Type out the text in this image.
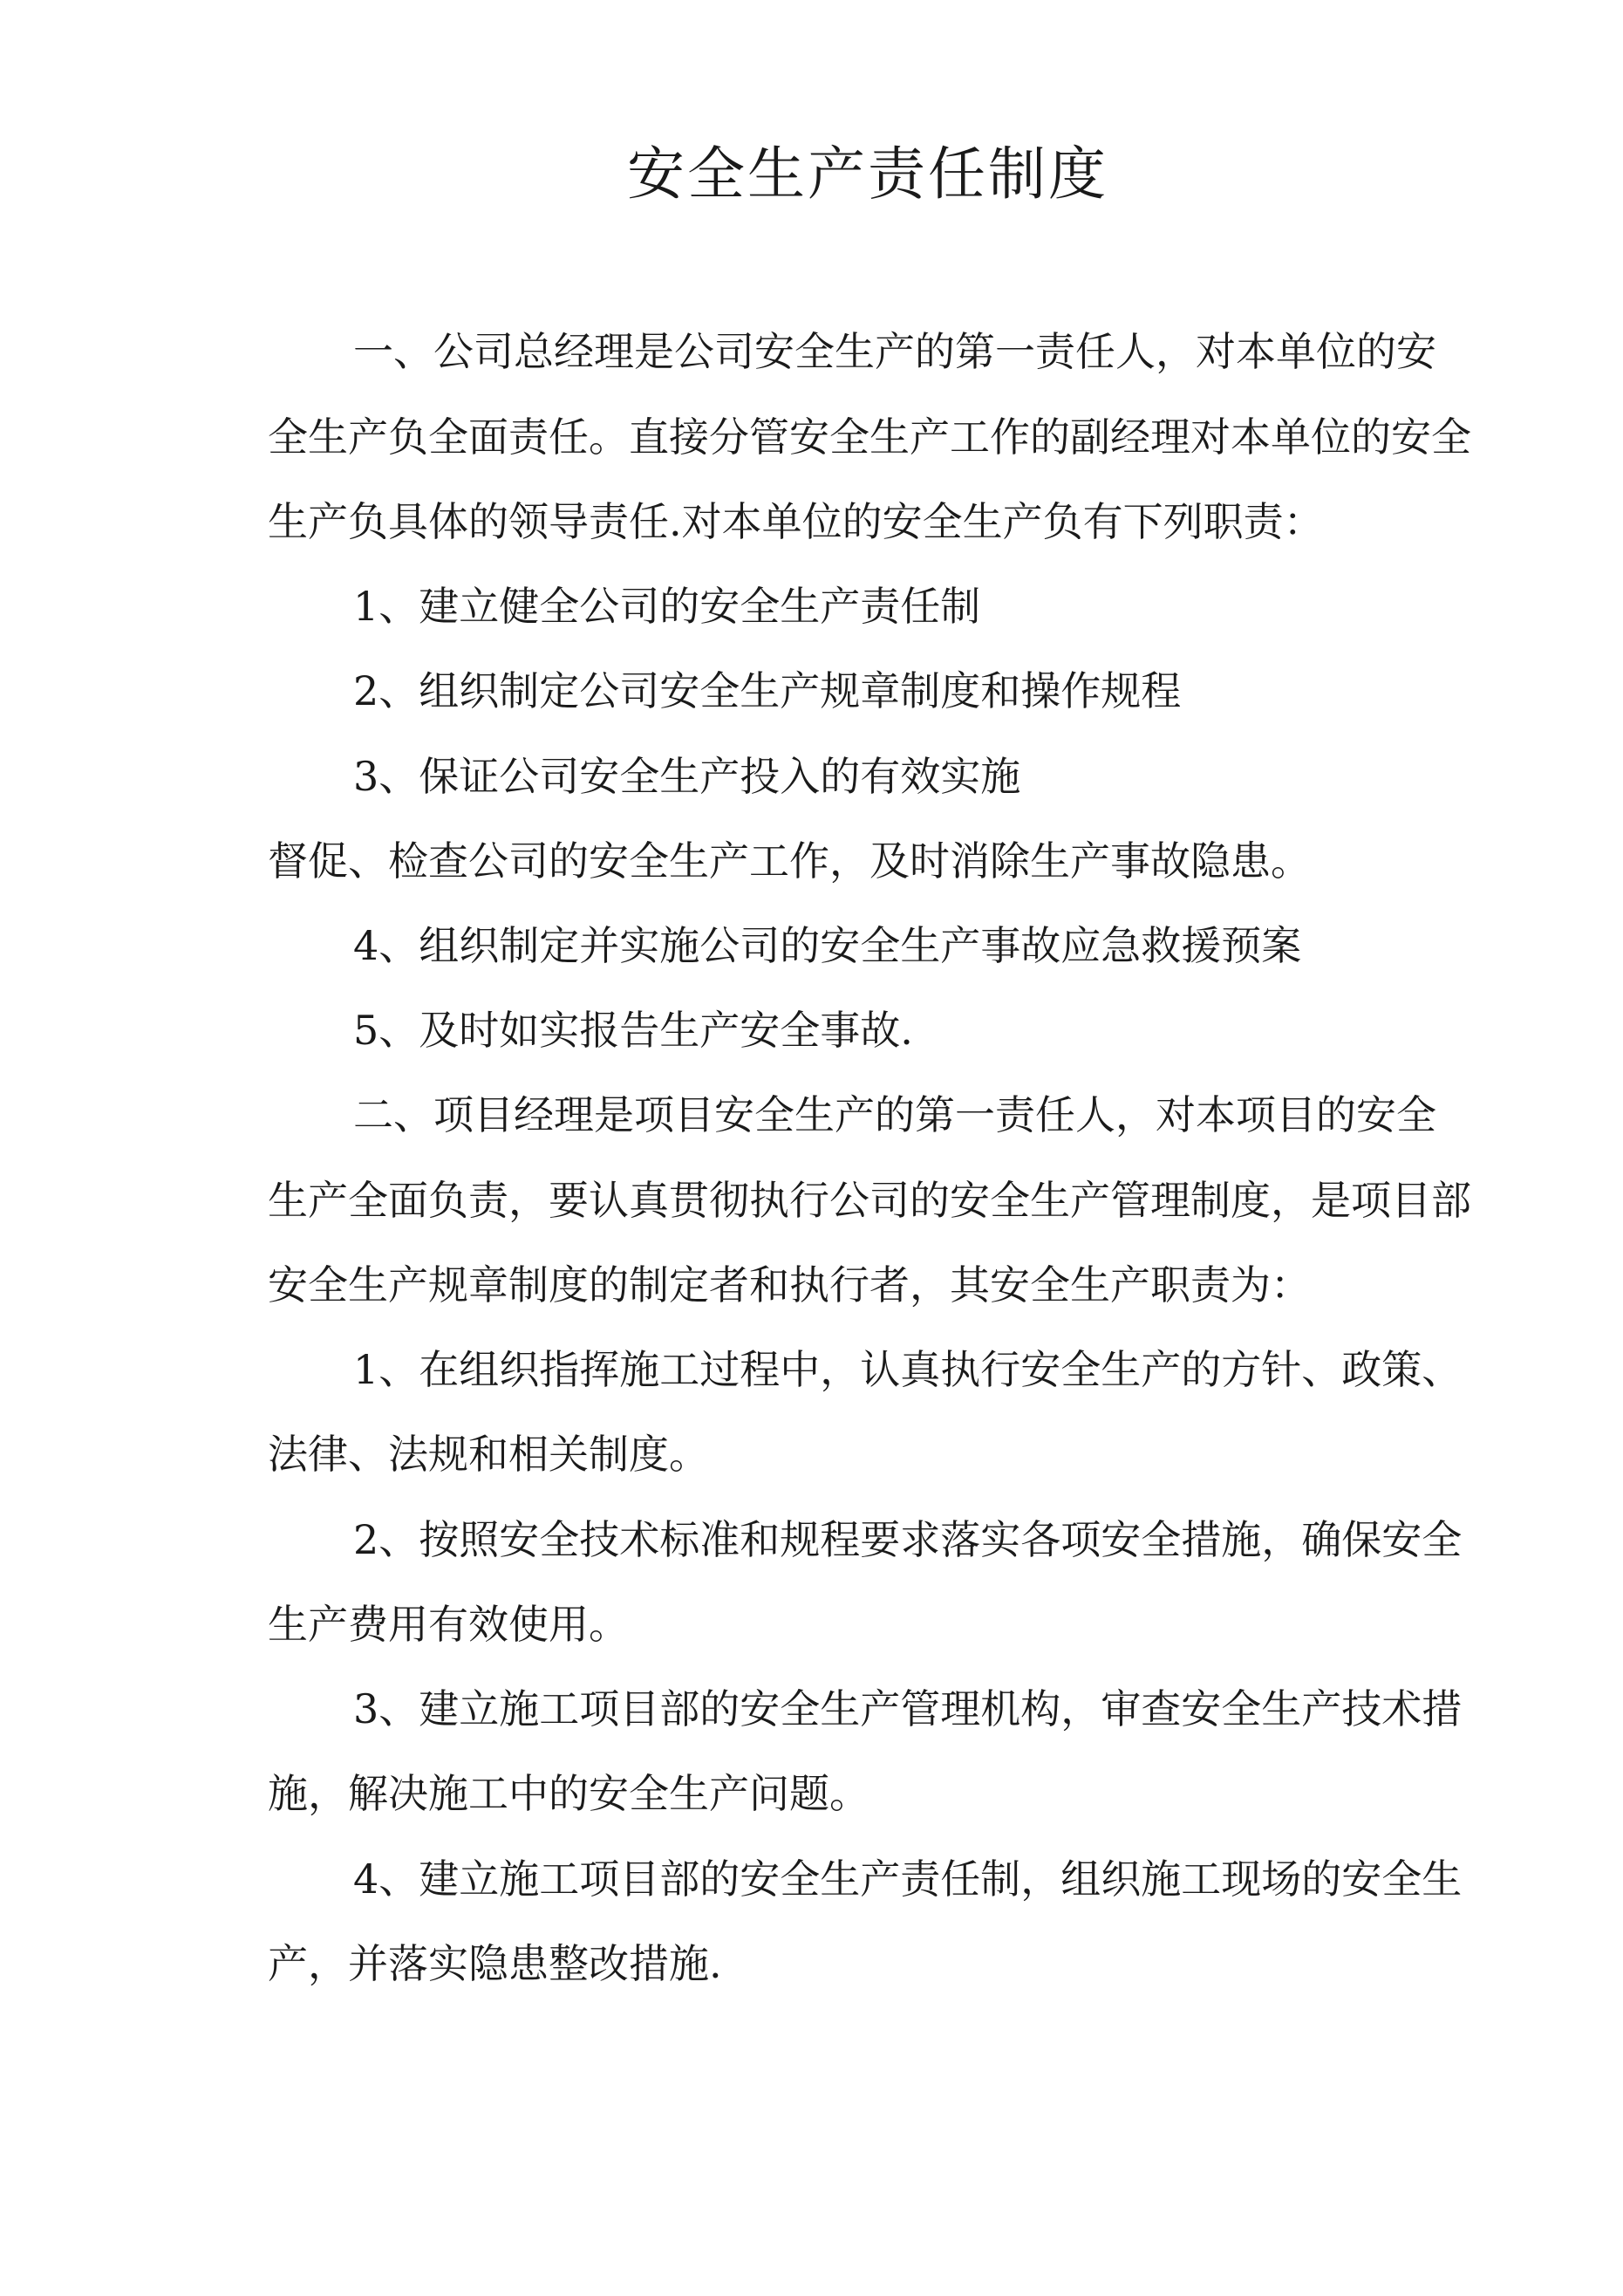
安全生产责任制度

一、公司总经理是公司安全生产的第一责任人，对本单位的安

全生产负全面责任。直接分管安全生产工作的副经理对本单位的安全

生产负具体的领导责任.对本单位的安全生产负有下列职责：

1、建立健全公司的安全生产责任制

2、组织制定公司安全生产规章制度和操作规程

3、保证公司安全生产投入的有效实施

督促、检查公司的安全生产工作，及时消除生产事故隐患。

4、组织制定并实施公司的安全生产事故应急救援预案

5、及时如实报告生产安全事故.

二、项目经理是项目安全生产的第一责任人，对本项目的安全

生产全面负责，要认真贯彻执行公司的安全生产管理制度，是项目部

安全生产规章制度的制定者和执行者，其安全生产职责为：

1、在组织指挥施工过程中，认真执行安全生产的方针、政策、

法律、法规和相关制度。

2、按照安全技术标准和规程要求落实各项安全措施，确保安全

生产费用有效使用。

3、建立施工项目部的安全生产管理机构，审查安全生产技术措

施，解决施工中的安全生产问题。

4、建立施工项目部的安全生产责任制，组织施工现场的安全生

产，并落实隐患整改措施.
